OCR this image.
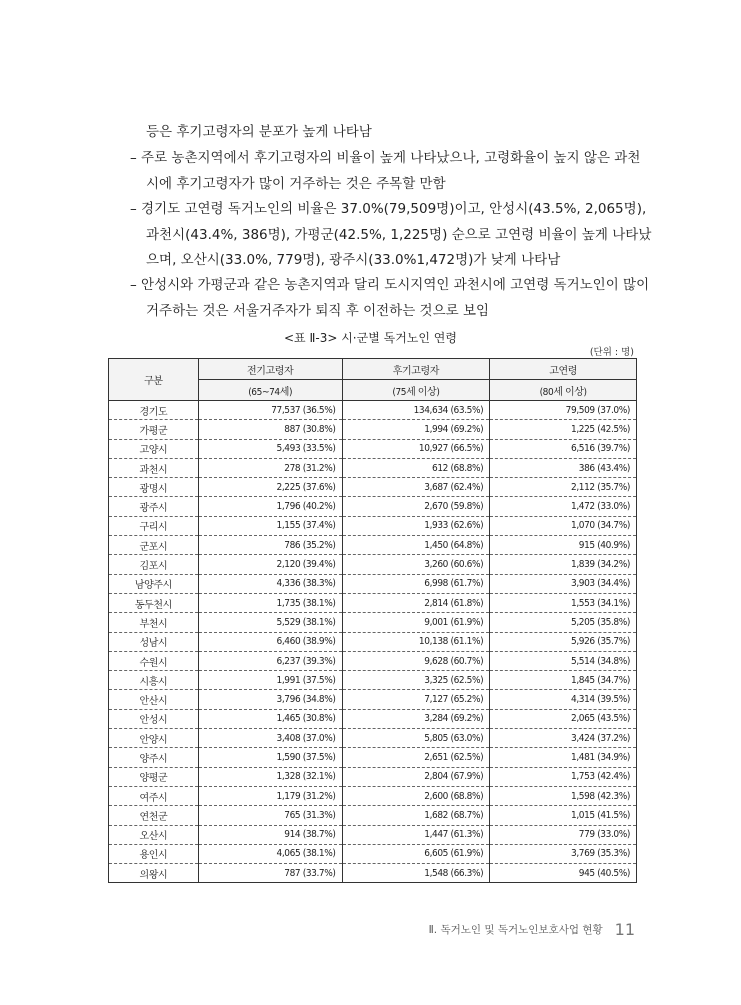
등은 후기고령자의 분포가 높게 나타남
– 주로 농촌지역에서 후기고령자의 비율이 높게 나타났으나, 고령화율이 높지 않은 과천시에 후기고령자가 많이 거주하는 것은 주목할 만함
– 경기도 고연령 독거노인의 비율은 37.0%(79,509명)이고, 안성시(43.5%, 2,065명), 과천시(43.4%, 386명), 가평군(42.5%, 1,225명) 순으로 고연령 비율이 높게 나타났으며, 오산시(33.0%, 779명), 광주시(33.0%1,472명)가 낮게 나타남
– 안성시와 가평군과 같은 농촌지역과 달리 도시지역인 과천시에 고연령 독거노인이 많이 거주하는 것은 서울거주자가 퇴직 후 이전하는 것으로 보임
<표 Ⅱ-3> 시·군별 독거노인 연령
(단위 : 명)
구분	전기고령자	후기고령자	고연령
	(65~74세)	(75세 이상)	(80세 이상)
경기도	77,537 (36.5%)	134,634 (63.5%)	79,509 (37.0%)
가평군	887 (30.8%)	1,994 (69.2%)	1,225 (42.5%)
고양시	5,493 (33.5%)	10,927 (66.5%)	6,516 (39.7%)
과천시	278 (31.2%)	612 (68.8%)	386 (43.4%)
광명시	2,225 (37.6%)	3,687 (62.4%)	2,112 (35.7%)
광주시	1,796 (40.2%)	2,670 (59.8%)	1,472 (33.0%)
구리시	1,155 (37.4%)	1,933 (62.6%)	1,070 (34.7%)
군포시	786 (35.2%)	1,450 (64.8%)	915 (40.9%)
김포시	2,120 (39.4%)	3,260 (60.6%)	1,839 (34.2%)
남양주시	4,336 (38.3%)	6,998 (61.7%)	3,903 (34.4%)
동두천시	1,735 (38.1%)	2,814 (61.8%)	1,553 (34.1%)
부천시	5,529 (38.1%)	9,001 (61.9%)	5,205 (35.8%)
성남시	6,460 (38.9%)	10,138 (61.1%)	5,926 (35.7%)
수원시	6,237 (39.3%)	9,628 (60.7%)	5,514 (34.8%)
시흥시	1,991 (37.5%)	3,325 (62.5%)	1,845 (34.7%)
안산시	3,796 (34.8%)	7,127 (65.2%)	4,314 (39.5%)
안성시	1,465 (30.8%)	3,284 (69.2%)	2,065 (43.5%)
안양시	3,408 (37.0%)	5,805 (63.0%)	3,424 (37.2%)
양주시	1,590 (37.5%)	2,651 (62.5%)	1,481 (34.9%)
양평군	1,328 (32.1%)	2,804 (67.9%)	1,753 (42.4%)
여주시	1,179 (31.2%)	2,600 (68.8%)	1,598 (42.3%)
연천군	765 (31.3%)	1,682 (68.7%)	1,015 (41.5%)
오산시	914 (38.7%)	1,447 (61.3%)	779 (33.0%)
용인시	4,065 (38.1%)	6,605 (61.9%)	3,769 (35.3%)
의왕시	787 (33.7%)	1,548 (66.3%)	945 (40.5%)
Ⅱ. 독거노인 및 독거노인보호사업 현황 11
